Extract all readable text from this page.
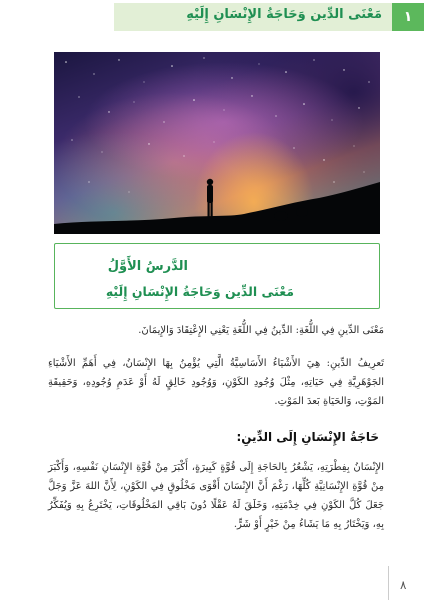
مَعْنَى الدِّين وَحَاجَةُ الإِنْسَانِ إِلَيْهِ	١
الدَّرسُ الأَوَّلُ
مَعْنَى الدِّين وَحَاجَةُ الإِنْسَانِ إِلَيْهِ
مَعْنَى الدِّينِ فِي اللُّغَةِ: الدِّينُ فِي اللُّغَةِ يَعْنِي الإِعْتِقَادَ وَالإِيمَانَ.
تَعرِيفُ الدِّينِ: هِيَ الأَشْيَاءُ الأَسَاسِيَّةُ الَّتِي يُؤْمِنُ بِهَا الإِنْسَانُ، فِي أَهَمِّ الأَشْيَاءِ الجَوْهَرِيَّةِ فِي حَيَاتِهِ، مِثْلَ وُجُودِ الكَوْنِ، وَوُجُودِ خَالِقٍ لَهُ أَوْ عَدَمِ وُجُودِهِ، وَحَقِيقَةِ المَوْتِ، وَالحَيَاةِ بَعدَ المَوْتِ.
حَاجَةُ الإِنْسَانِ إِلَى الدِّينِ:
الإِنْسَانُ بِفِطْرَتِهِ، يَشْعُرُ بِالحَاجَةِ إِلَى قُوَّةٍ كَبِيرَةٍ، أَكْبَرَ مِنْ قُوَّةِ الإِنْسَانِ نَفْسِهِ، وَأَكْبَرَ مِنْ قُوَّةِ الإِنْسَانِيَّةِ كُلِّهَا، رَغْمَ أَنَّ الإِنْسَانَ أَقْوَى مَخْلُوقٍ فِي الكَوْنِ، لِأَنَّ اللهَ عَزَّ وَجَلَّ جَعَلَ كُلَّ الكَوْنِ فِي خِدْمَتِهِ، وَخَلَقَ لَهُ عَقْلًا دُونَ بَاقِي المَخْلُوقَاتِ، يَخْتَرِعُ بِهِ وَيُفَكِّرُ بِهِ، وَيَخْتَارُ بِهِ مَا يَشَاءُ مِنْ خَيْرٍ أَوْ شَرٍّ.
٨
